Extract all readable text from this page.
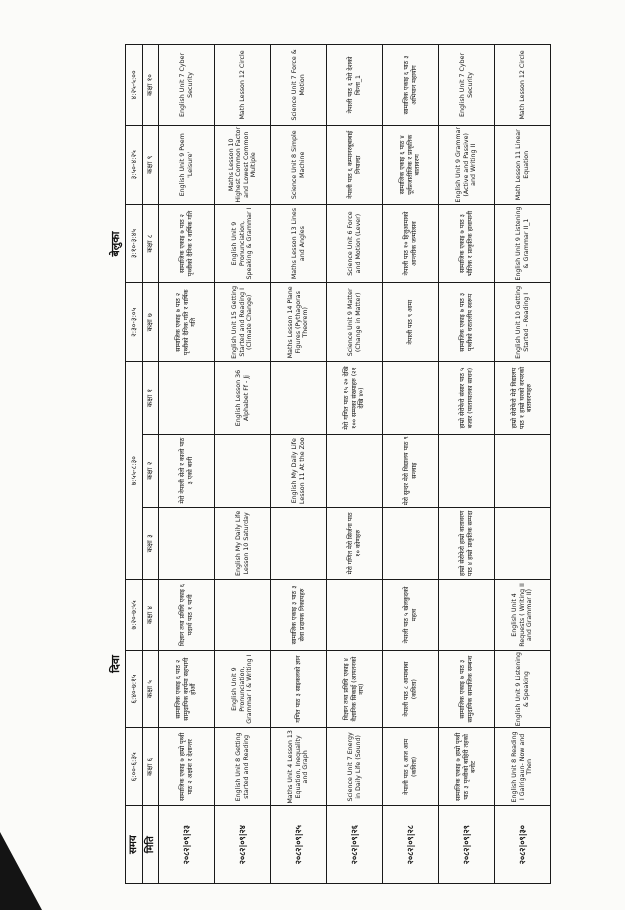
दिवा
बेलुका
समय	६:००-६:३५	६:४०-७:१५	७:२०-७:५५	७:५५-८:३०			२:३०-३:०५	३:१०-३:४५	३:५०-४:२५	४:२५-५:००
मिति	कक्षा ६	कक्षा ५	कक्षा ४	कक्षा ३	कक्षा २	कक्षा १	कक्षा ७	कक्षा ८	कक्षा ९	कक्षा १०
२०८२|०९|२३	सामाजिक एकाइ ७ हाम्रो पृथ्वी पाठ २ अक्षांश र देशान्तर	सामाजिक एकाइ ६ पाठ २ सामुदायिक कार्यमा सहभागी होऔं	विज्ञान तथा प्रविधि एकाइ ६ पदार्थ पाठ १ पानी		मेरो नेपाली सेतो र कालो पाठ ३ एको बानी		सामाजिक एकाइ ७ पाठ २ पृथ्वीको दैनिक गति र वार्षिक गति	सामाजिक एकाइ ७ पाठ २ पृथ्वीको दैनिक र वार्षिक गति	English Unit 9 Poem 'Leisure'	English Unit 7 Cyber Security
२०८२|०९|२४	English Unit 8 Getting started and Reading	English Unit 9 Pronunciation, Grammar I & Writing I		English My Daily Life Lesson 10 Saturday		English Lesson 36 Alphabet Ff - Jj	English Unit 15 Getting Started and Reading I (Climate Change)	English Unit 9 Pronunciation, Speaking & Grammar I	Maths Lesson 10 Highest Common Factor and Lowest Common Multiple	Math Lesson 12 Circle
२०८२|०९|२५	Maths Unit 4 Lesson 13 Equation, Inequality and Graph	गणित पाठ ३ साइकलको ज्ञान	सामाजिक एकाइ ३ पाठ ३ सेवा प्रदायक निकायहरु		English My Daily Life Lesson 11 At the Zoo		Maths Lesson 14 Plane Figures (Pythagoras Theorem)	Maths Lesson 13 Lines and Angles	Science Unit 8 Simple Machine	Science Unit 7 Force & Motion
२०८२|०९|२६	Science Unit 7 Energy in Daily Life (Sound)	विज्ञान तथा प्रविधि एकाइ ४ वैज्ञानिक सिकाई (आयतनको नाप)		मेरो गणित मेरो सिर्जना पाठ १० कोणहरु		मेरो गणित पाठ १५ २० देखि १०० सम्मका संख्याहरु (२१ देखि ४०)	Science Unit 9 Matter (Change in Matter)	Science Unit 6 Force and Motion (Lever)	नेपाली पाठ ६ कम्पानरबूबाबाई नियाल्दा	नेपाली पाठ ६ मेरो देशको चिन्ता_1
२०८२|०९|२८	नेपाली पाठ ६ आज आम (कविता)	नेपाली पाठ ८ आमाबाबा (कविता)	नेपाली पाठ ५ खेलकुदको महत्व		मेरो सुन्दर मेरो विद्यालय पाठ ९ सन्त्वाइ		नेपाली पाठ ९ आमा	नेपाली पाठ १० हिजुआमाको आन्तरीक जन्मोत्सव	सामाजिक एकाइ ६ पाठ ४ पूर्वप्रजातीजिक र प्राकृतिक बातावरण	सामाजिक एकाइ ६ पाठ ३ अभियान महायोग
२०८२|०९|२९	सामाजिक एकाइ ७ हाम्रो पृथ्वी पाठ ३ पृथ्वीको बाहिरी तहको बनोट	सामाजिक एकाइ ७ पाठ ३ सामुदायिक सामाजिक सम्बन्ध		हाम्रो सेरोफेरो हाम्रो वातावरण पाठ ४ हाम्रो प्राकृतिक सम्पदा		हाम्रो सेरोफेरो संसार पाठ ५ बजार (यातायातका साधन)	सामाजिक एकाइ ७ पाठ ३ पृथ्वीको धरातलीय स्वरूप	सामाजिक एकाइ ७ पाठ ३ भौतिक र प्राकृतिक हावापानी	English Unit 9 Grammar (Active and Passive) and Writing II	English Unit 7 Cyber Security
२०८२|०९|३०	English Unit 8 Reading I Galrigaun- Now and Then	English Unit 9 Listening & Speaking	English Unit 4 Requests ( Writing II and Grammar II)			हाम्रो सेरोफेरो मेरो विद्यालय पाठ १ हाम्रो घरको वरपरको बातावरणहरु	English Unit 10 Getting Started - Reading I	English Unit 9 Listening & Grammar II_1	Math Lesson 11 Linear Equation	Math Lesson 12 Circle
